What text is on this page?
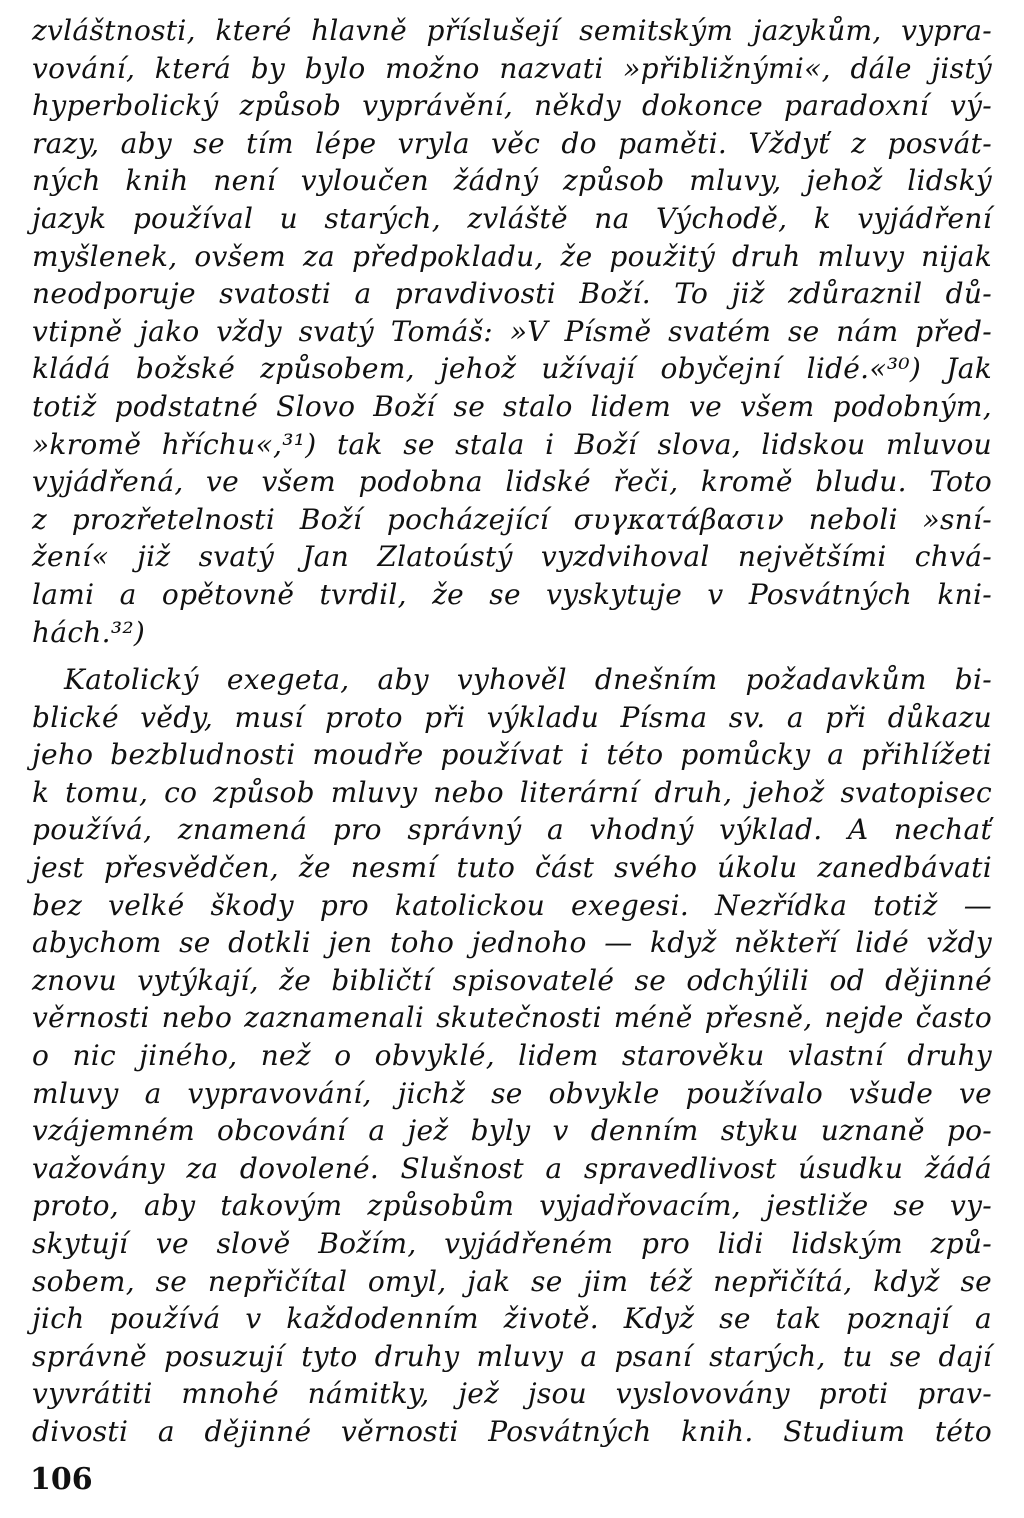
zvláštnosti, které hlavně příslušejí semitským jazykům, vypra-
vování, která by bylo možno nazvati »přibližnými«, dále jistý
hyperbolický způsob vyprávění, někdy dokonce paradoxní vý-
razy, aby se tím lépe vryla věc do paměti. Vždyť z posvát-
ných knih není vyloučen žádný způsob mluvy, jehož lidský
jazyk používal u starých, zvláště na Východě, k vyjádření
myšlenek, ovšem za předpokladu, že použitý druh mluvy nijak
neodporuje svatosti a pravdivosti Boží. To již zdůraznil dů-
vtipně jako vždy svatý Tomáš: »V Písmě svatém se nám před-
kládá božské způsobem, jehož užívají obyčejní lidé.«³⁰) Jak
totiž podstatné Slovo Boží se stalo lidem ve všem podobným,
»kromě hříchu«,³¹) tak se stala i Boží slova, lidskou mluvou
vyjádřená, ve všem podobna lidské řeči, kromě bludu. Toto
z prozřetelnosti Boží pocházející συγκατάβασιν neboli »sní-
žení« již svatý Jan Zlatoústý vyzdvihoval největšími chvá-
lami a opětovně tvrdil, že se vyskytuje v Posvátných kni-
hách.³²)
Katolický exegeta, aby vyhověl dnešním požadavkům bi-
blické vědy, musí proto při výkladu Písma sv. a při důkazu
jeho bezbludnosti moudře používat i této pomůcky a přihlížeti
k tomu, co způsob mluvy nebo literární druh, jehož svatopisec
používá, znamená pro správný a vhodný výklad. A nechať
jest přesvědčen, že nesmí tuto část svého úkolu zanedbávati
bez velké škody pro katolickou exegesi. Nezřídka totiž —
abychom se dotkli jen toho jednoho — když někteří lidé vždy
znovu vytýkají, že bibličtí spisovatelé se odchýlili od dějinné
věrnosti nebo zaznamenali skutečnosti méně přesně, nejde často
o nic jiného, než o obvyklé, lidem starověku vlastní druhy
mluvy a vypravování, jichž se obvykle používalo všude ve
vzájemném obcování a jež byly v denním styku uznaně po-
važovány za dovolené. Slušnost a spravedlivost úsudku žádá
proto, aby takovým způsobům vyjadřovacím, jestliže se vy-
skytují ve slově Božím, vyjádřeném pro lidi lidským způ-
sobem, se nepřičítal omyl, jak se jim též nepřičítá, když se
jich používá v každodenním životě. Když se tak poznají a
správně posuzují tyto druhy mluvy a psaní starých, tu se dají
vyvrátiti mnohé námitky, jež jsou vyslovovány proti prav-
divosti a dějinné věrnosti Posvátných knih. Studium této
106
